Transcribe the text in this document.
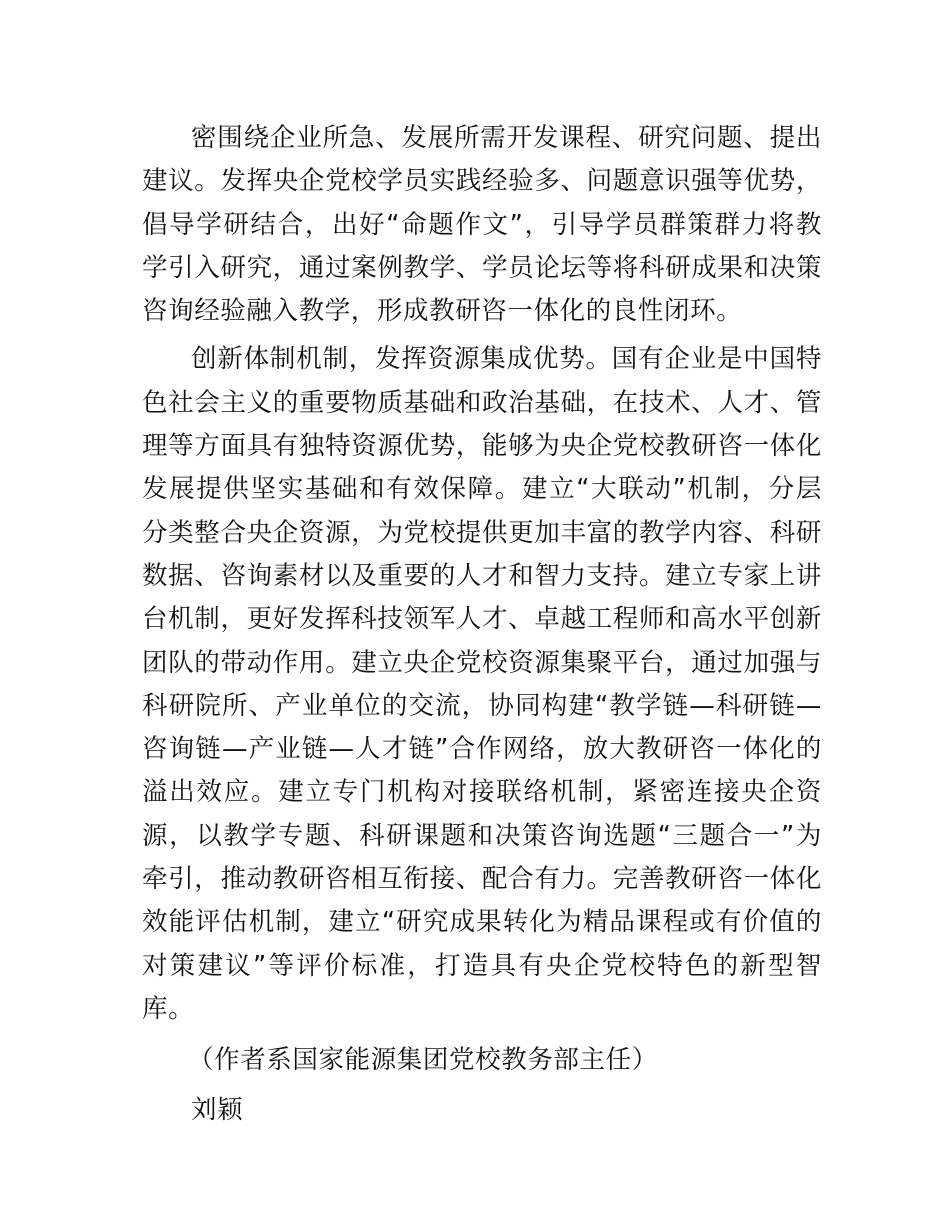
密围绕企业所急、发展所需开发课程、研究问题、提出建议。发挥央企党校学员实践经验多、问题意识强等优势，倡导学研结合，出好“命题作文”，引导学员群策群力将教学引入研究，通过案例教学、学员论坛等将科研成果和决策咨询经验融入教学，形成教研咨一体化的良性闭环。

创新体制机制，发挥资源集成优势。国有企业是中国特色社会主义的重要物质基础和政治基础，在技术、人才、管理等方面具有独特资源优势，能够为央企党校教研咨一体化发展提供坚实基础和有效保障。建立“大联动”机制，分层分类整合央企资源，为党校提供更加丰富的教学内容、科研数据、咨询素材以及重要的人才和智力支持。建立专家上讲台机制，更好发挥科技领军人才、卓越工程师和高水平创新团队的带动作用。建立央企党校资源集聚平台，通过加强与科研院所、产业单位的交流，协同构建“教学链—科研链—咨询链—产业链—人才链”合作网络，放大教研咨一体化的溢出效应。建立专门机构对接联络机制，紧密连接央企资源，以教学专题、科研课题和决策咨询选题“三题合一”为牵引，推动教研咨相互衔接、配合有力。完善教研咨一体化效能评估机制，建立“研究成果转化为精品课程或有价值的对策建议”等评价标准，打造具有央企党校特色的新型智库。

（作者系国家能源集团党校教务部主任）

刘颖
